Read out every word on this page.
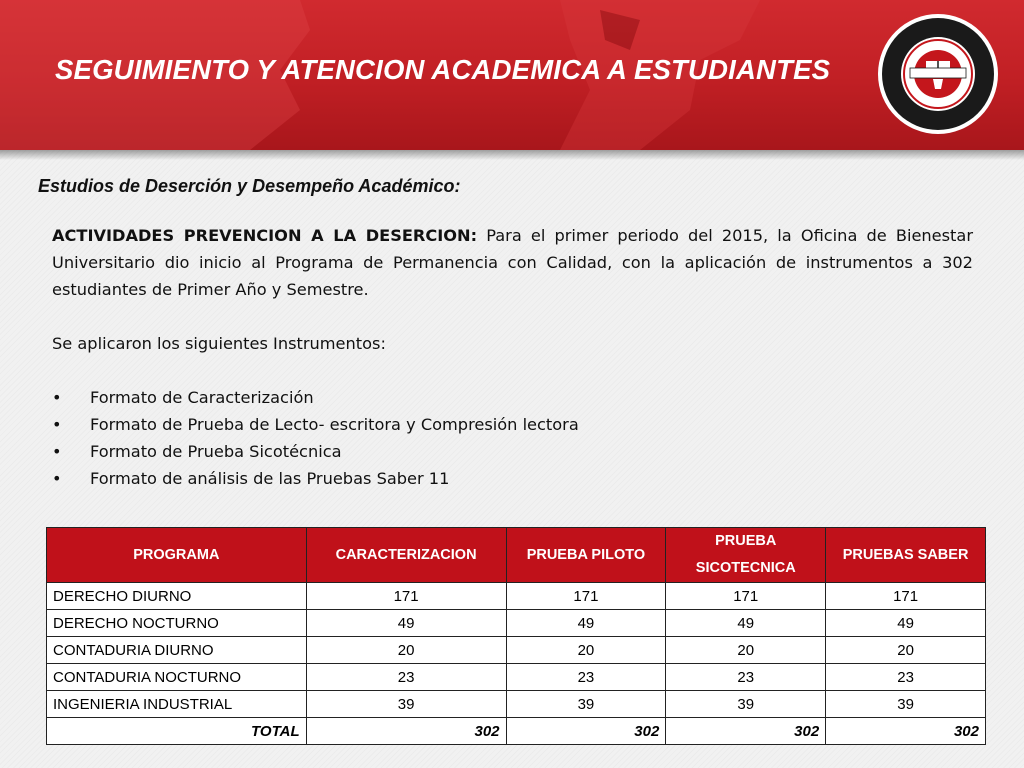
SEGUIMIENTO Y ATENCION ACADEMICA A ESTUDIANTES
Estudios de Deserción y Desempeño Académico:

ACTIVIDADES PREVENCION A LA DESERCION: Para el primer periodo del 2015, la Oficina de Bienestar Universitario dio inicio al Programa de Permanencia con Calidad, con la aplicación de instrumentos a 302 estudiantes de Primer Año y Semestre.

Se aplicaron los siguientes Instrumentos:

• Formato de Caracterización
• Formato de Prueba de Lecto- escritora y Compresión lectora
• Formato de Prueba Sicotécnica
• Formato de análisis de las Pruebas Saber 11
PROGRAMA	CARACTERIZACION	PRUEBA PILOTO	PRUEBA SICOTECNICA	PRUEBAS SABER
DERECHO DIURNO	171	171	171	171
DERECHO NOCTURNO	49	49	49	49
CONTADURIA DIURNO	20	20	20	20
CONTADURIA NOCTURNO	23	23	23	23
INGENIERIA INDUSTRIAL	39	39	39	39
TOTAL	302	302	302	302
